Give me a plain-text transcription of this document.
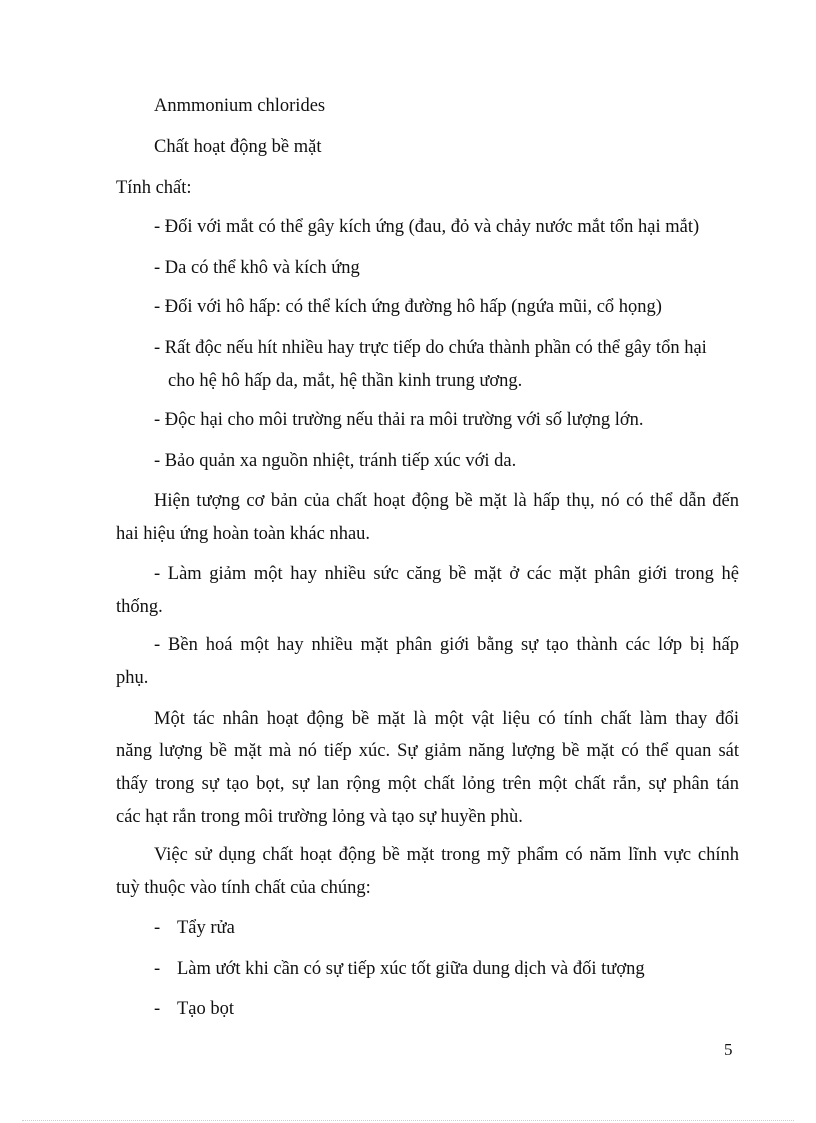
Anmmonium chlorides
Chất hoạt động bề mặt
Tính chất:
- Đối với mắt có thể gây kích ứng (đau, đỏ và chảy nước mắt tổn hại mắt)
- Da có thể khô và kích ứng
- Đối với hô hấp: có thể kích ứng đường hô hấp (ngứa mũi, cổ họng)
- Rất độc nếu hít nhiều hay trực tiếp do chứa thành phần có thể gây tổn hại
cho hệ hô hấp da, mắt, hệ thần kinh trung ương.
- Độc hại cho môi trường nếu thải ra môi trường với số lượng lớn.
- Bảo quản xa nguồn nhiệt, tránh tiếp xúc với da.
Hiện tượng cơ bản của chất hoạt động bề mặt là hấp thụ, nó có thể dẫn đến
hai hiệu ứng hoàn toàn khác nhau.
- Làm giảm một hay nhiều sức căng bề mặt ở các mặt phân giới trong hệ
thống.
- Bền hoá một hay nhiều mặt phân giới bằng sự tạo thành các lớp bị hấp
phụ.
Một tác nhân hoạt động bề mặt là một vật liệu có tính chất làm thay đổi
năng lượng bề mặt mà nó tiếp xúc. Sự giảm năng lượng bề mặt có thể quan sát
thấy trong sự tạo bọt, sự lan rộng một chất lỏng trên một chất rắn, sự phân tán
các hạt rắn trong môi trường lỏng và tạo sự huyền phù.
Việc sử dụng chất hoạt động bề mặt trong mỹ phẩm có năm lĩnh vực chính
tuỳ thuộc vào tính chất của chúng:
- Tẩy rửa
- Làm ướt khi cần có sự tiếp xúc tốt giữa dung dịch và đối tượng
- Tạo bọt
5
